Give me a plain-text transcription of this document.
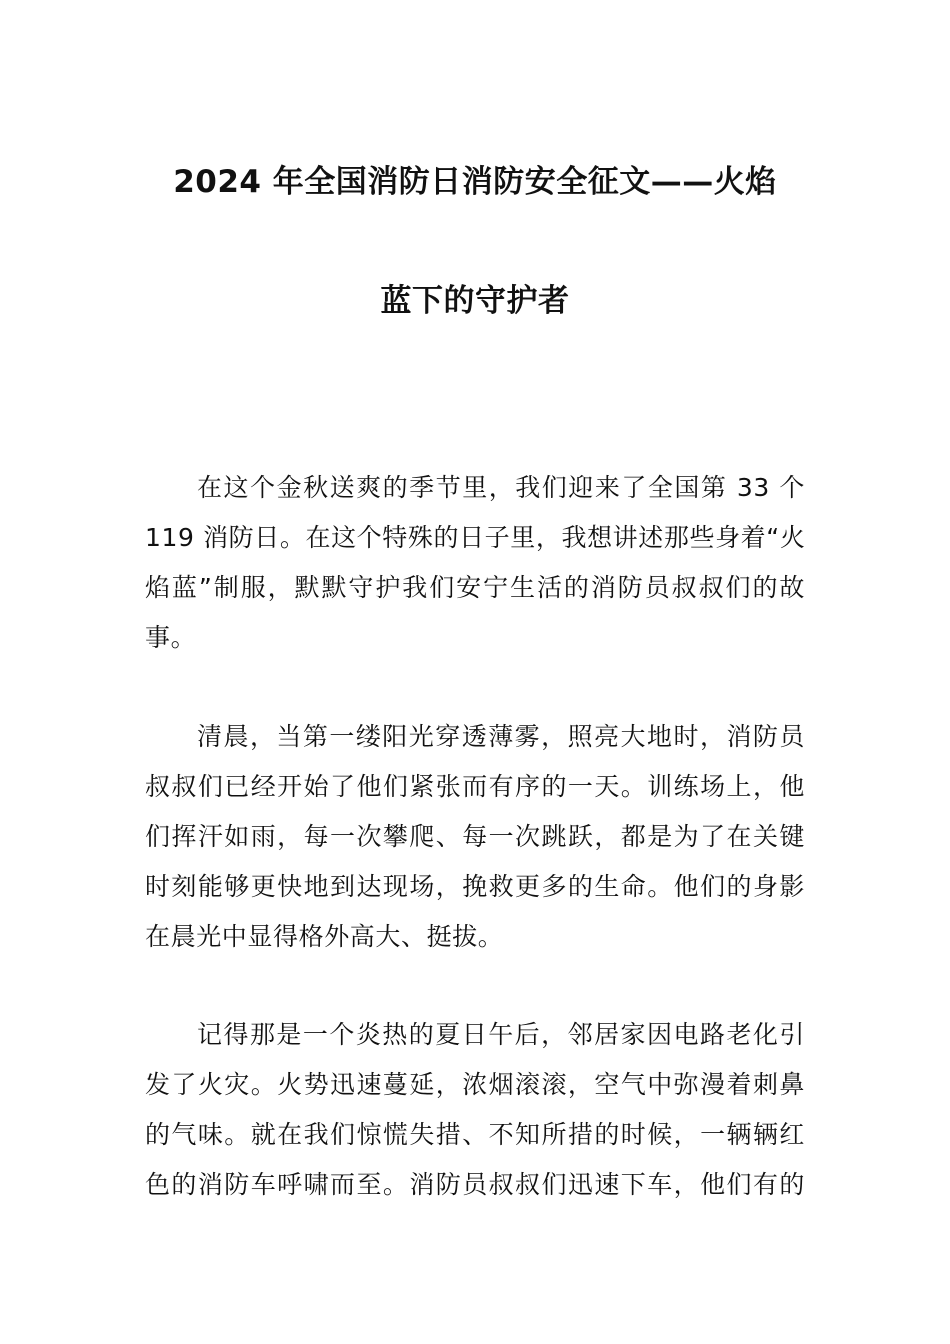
2024 年全国消防日消防安全征文——火焰
蓝下的守护者
在这个金秋送爽的季节里，我们迎来了全国第 33 个
119 消防日。在这个特殊的日子里，我想讲述那些身着“火
焰蓝”制服，默默守护我们安宁生活的消防员叔叔们的故
事。
清晨，当第一缕阳光穿透薄雾，照亮大地时，消防员
叔叔们已经开始了他们紧张而有序的一天。训练场上，他
们挥汗如雨，每一次攀爬、每一次跳跃，都是为了在关键
时刻能够更快地到达现场，挽救更多的生命。他们的身影
在晨光中显得格外高大、挺拔。
记得那是一个炎热的夏日午后，邻居家因电路老化引
发了火灾。火势迅速蔓延，浓烟滚滚，空气中弥漫着刺鼻
的气味。就在我们惊慌失措、不知所措的时候，一辆辆红
色的消防车呼啸而至。消防员叔叔们迅速下车，他们有的
